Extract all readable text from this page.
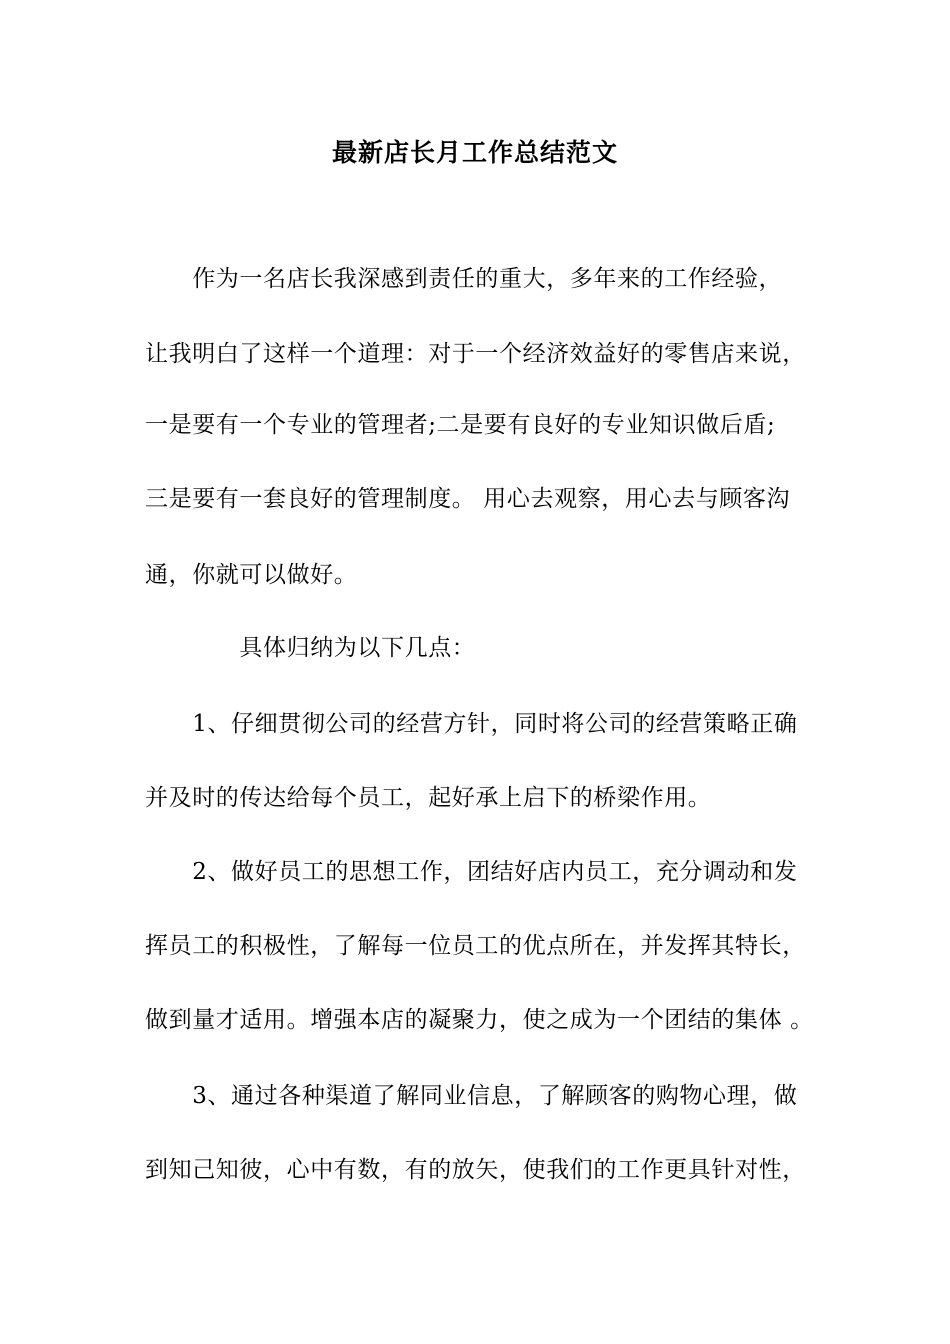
最新店长月工作总结范文
　　作为一名店长我深感到责任的重大，多年来的工作经验，
让我明白了这样一个道理：对于一个经济效益好的零售店来说，
一是要有一个专业的管理者;二是要有良好的专业知识做后盾;
三是要有一套良好的管理制度。 用心去观察，用心去与顾客沟
通，你就可以做好。
　　　　具体归纳为以下几点：
　　1、仔细贯彻公司的经营方针，同时将公司的经营策略正确
并及时的传达给每个员工，起好承上启下的桥梁作用。
　　2、做好员工的思想工作，团结好店内员工，充分调动和发
挥员工的积极性，了解每一位员工的优点所在，并发挥其特长，
做到量才适用。增强本店的凝聚力，使之成为一个团结的集体 。
　　3、通过各种渠道了解同业信息，了解顾客的购物心理，做
到知己知彼，心中有数，有的放矢，使我们的工作更具针对性，
